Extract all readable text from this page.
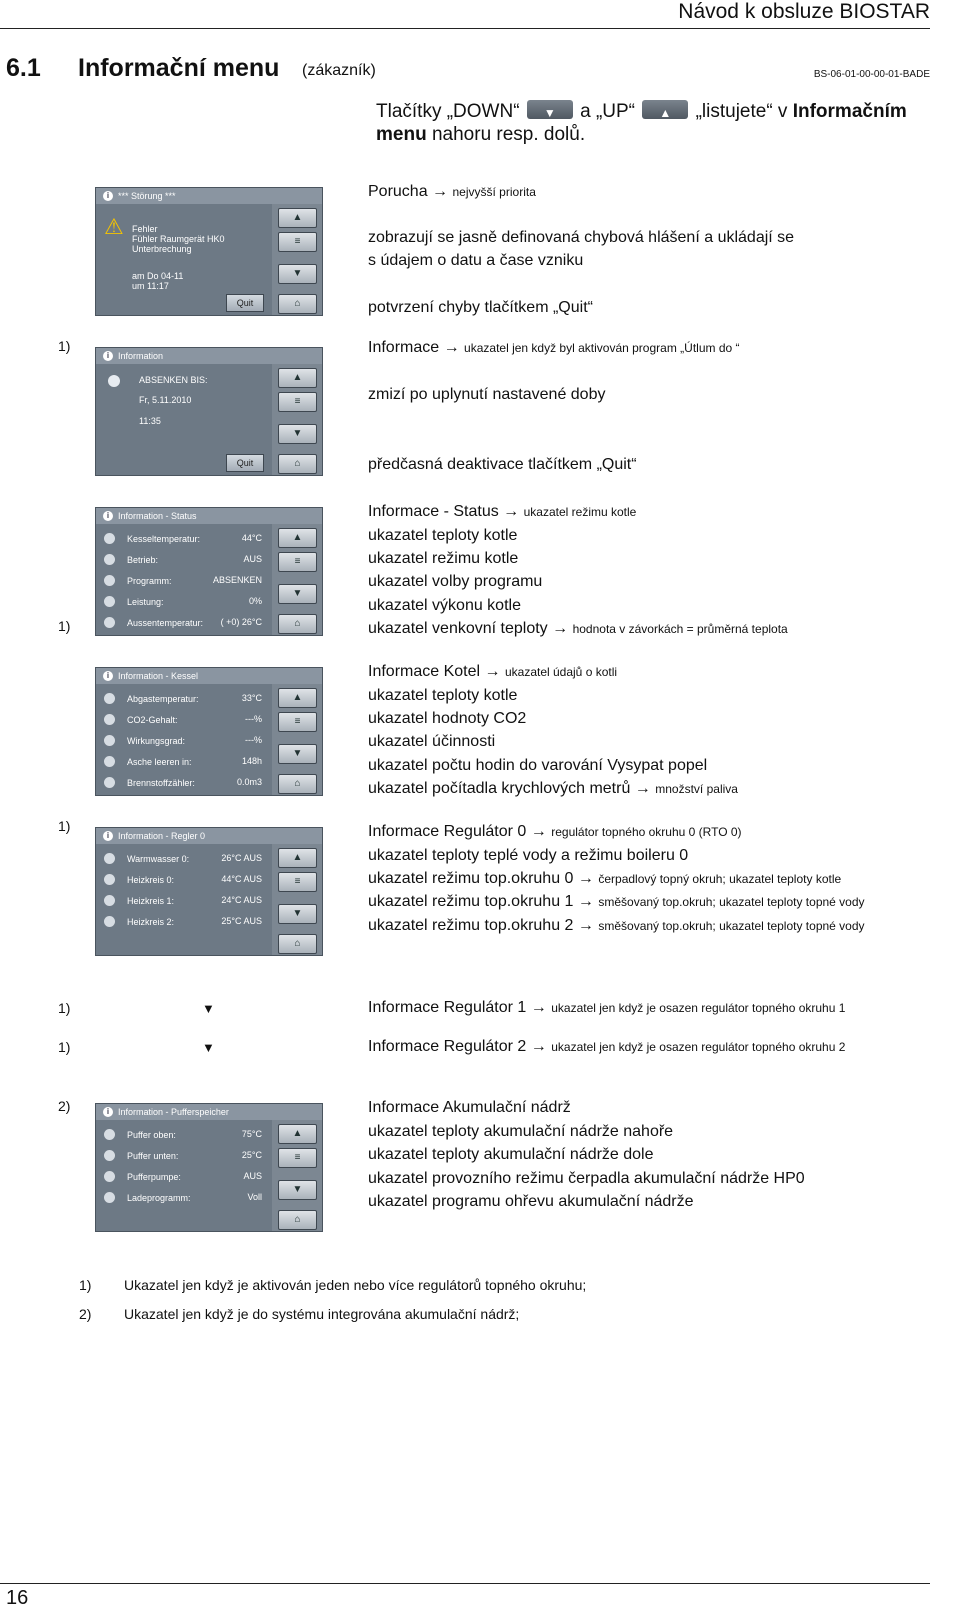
Návod k obsluze BIOSTAR
6.1 Informační menu (zákazník)	BS-06-01-00-00-01-BADE
Tlačítky „DOWN“	▼	a „UP“	▲	„listujete“ v Informačním
menu nahoru resp. dolů.
*** Störung ***
i
⚠ Fehler
Fühler Raumgerät HK0
Unterbrechung
am Do 04-11
um 11:17
Quit
▲
≡
▼
⌂
Porucha → nejvyšší priorita
zobrazují se jasně definovaná chybová hlášení a ukládají se
s údajem o datu a čase vzniku
potvrzení chyby tlačítkem „Quit“
1)
Information
i
ABSENKEN BIS:
Fr, 5.11.2010
11:35
Quit
▲
≡
▼
⌂
Informace → ukazatel jen když byl aktivován program „Útlum do “
zmizí po uplynutí nastavené doby
předčasná deaktivace tlačítkem „Quit“
Information - Status
i
Kesseltemperatur:	44°C
Betrieb:	AUS
Programm:	ABSENKEN
Leistung:	0%
Aussentemperatur: ( +0) 26°C
▲
≡
▼
⌂
1)
Informace - Status → ukazatel režimu kotle
ukazatel teploty kotle
ukazatel režimu kotle
ukazatel volby programu
ukazatel výkonu kotle
ukazatel venkovní teploty → hodnota v závorkách = průměrná teplota
Information - Kessel
i
Abgastemperatur:	33°C
CO2-Gehalt:	---%
Wirkungsgrad:	---%
Asche leeren in:	148h
Brennstoffzähler:	0.0m3
▲
≡
▼
⌂
Informace Kotel → ukazatel údajů o kotli
ukazatel teploty kotle
ukazatel hodnoty CO2
ukazatel účinnosti
ukazatel počtu hodin do varování Vysypat popel
ukazatel počítadla krychlových metrů → množství paliva
1)
Information - Regler 0
i
Warmwasser 0:	26°C AUS
Heizkreis 0:	44°C AUS
Heizkreis 1:	24°C AUS
Heizkreis 2:	25°C AUS
▲
≡
▼
⌂
Informace Regulátor 0 → regulátor topného okruhu 0 (RTO 0)
ukazatel teploty teplé vody a režimu boileru 0
ukazatel režimu top.okruhu 0 → čerpadlový topný okruh; ukazatel teploty kotle
ukazatel režimu top.okruhu 1 → směšovaný top.okruh; ukazatel teploty topné vody
ukazatel režimu top.okruhu 2 → směšovaný top.okruh; ukazatel teploty topné vody
1)	▼	Informace Regulátor 1 → ukazatel jen když je osazen regulátor topného okruhu 1
1)	▼	Informace Regulátor 2 → ukazatel jen když je osazen regulátor topného okruhu 2
2)	Information - Pufferspeicher
i
Puffer oben:	75°C
Puffer unten:	25°C
Pufferpumpe:	AUS
Ladeprogramm:	Voll
▲
≡
▼
⌂
Informace Akumulační nádrž
ukazatel teploty akumulační nádrže nahoře
ukazatel teploty akumulační nádrže dole
ukazatel provozního režimu čerpadla akumulační nádrže HP0
ukazatel programu ohřevu akumulační nádrže
1) Ukazatel jen když je aktivován jeden nebo více regulátorů topného okruhu;
2) Ukazatel jen když je do systému integrována akumulační nádrž;
16
